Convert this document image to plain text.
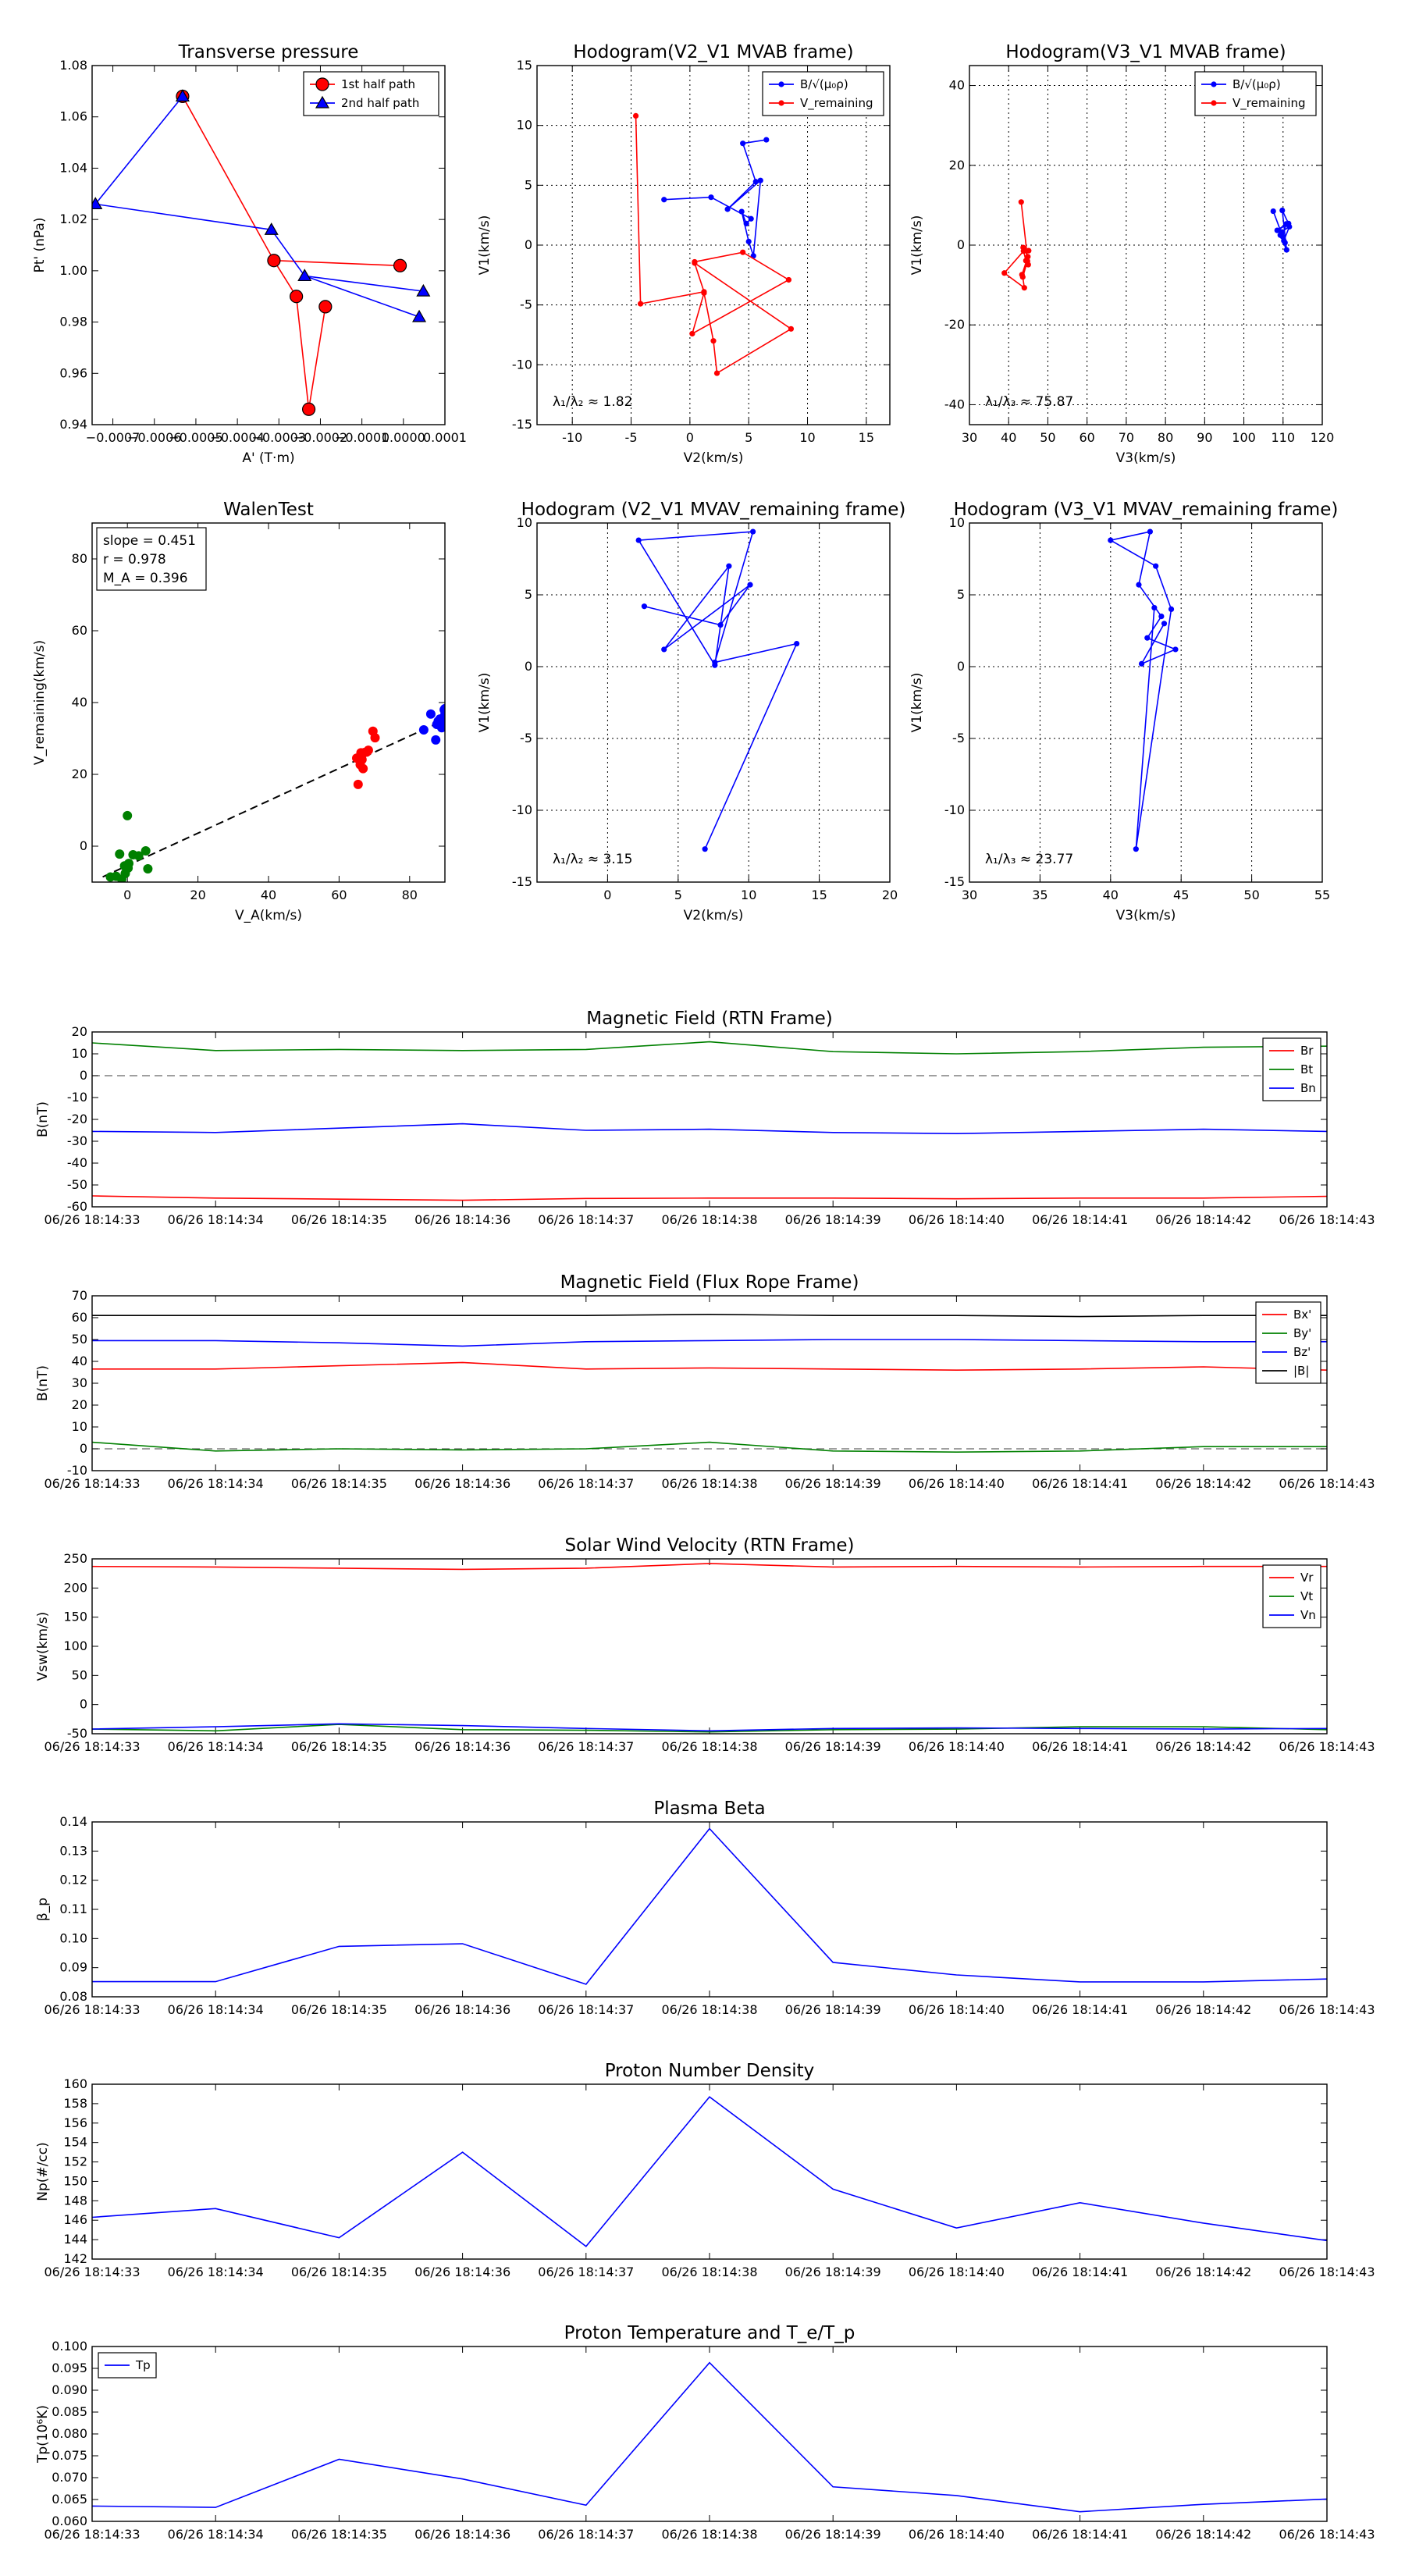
−0.0007
−0.0006
−0.0005
−0.0004
−0.0003
−0.0002
−0.0001
0.0000
0.0001
0.94
0.96
0.98
1.00
1.02
1.04
1.06
1.08
Transverse pressure
A' (T·m)
Pt' (nPa)
1st half path
2nd half path
-10	-5	0	5	10	15
-15
-10
-5
0
5
10
15
Hodogram(V2_V1 MVAB frame)
V2(km/s)
V1(km/s)
λ₁/λ₂ ≈ 1.82
B/√(μ₀ρ)
V_remaining
30 40 50 60 70 80 90 100 110 120
-40
-20
0
20
40
Hodogram(V3_V1 MVAB frame)
V3(km/s)
V1(km/s)
λ₁/λ₃ ≈ 75.87
B/√(μ₀ρ)
V_remaining
0	20	40	60	80
0
20
40
60
80
WalenTest
V_A(km/s)
V_remaining(km/s)
slope = 0.451
r = 0.978
M_A = 0.396
0	5	10	15	20
-15
-10
-5
0
5
10
Hodogram (V2_V1 MVAV_remaining frame)
V2(km/s)
V1(km/s)
λ₁/λ₂ ≈ 3.15
30	35	40	45	50	55
-15
-10
-5
0
5
10
Hodogram (V3_V1 MVAV_remaining frame)
V3(km/s)
V1(km/s)
λ₁/λ₃ ≈ 23.77
06/26 18:14:33 06/26 18:14:34 06/26 18:14:35 06/26 18:14:36 06/26 18:14:37 06/26 18:14:38 06/26 18:14:39 06/26 18:14:40 06/26 18:14:41 06/26 18:14:42 06/26 18:14:43
-60
-50
-40
-30
-20
-10
0
10
20
Magnetic Field (RTN Frame)
B(nT)
Br
Bt
Bn
06/26 18:14:33 06/26 18:14:34 06/26 18:14:35 06/26 18:14:36 06/26 18:14:37 06/26 18:14:38 06/26 18:14:39 06/26 18:14:40 06/26 18:14:41 06/26 18:14:42 06/26 18:14:43
-10
0
10
20
30
40
50
60
70
Magnetic Field (Flux Rope Frame)
B(nT)
Bx'
By'
Bz'
|B|
06/26 18:14:33 06/26 18:14:34 06/26 18:14:35 06/26 18:14:36 06/26 18:14:37 06/26 18:14:38 06/26 18:14:39 06/26 18:14:40 06/26 18:14:41 06/26 18:14:42 06/26 18:14:43
-50
0
50
100
150
200
250
Solar Wind Velocity (RTN Frame)
Vsw(km/s)
Vr
Vt
Vn
06/26 18:14:33 06/26 18:14:34 06/26 18:14:35 06/26 18:14:36 06/26 18:14:37 06/26 18:14:38 06/26 18:14:39 06/26 18:14:40 06/26 18:14:41 06/26 18:14:42 06/26 18:14:43
0.08
0.09
0.10
0.11
0.12
0.13
0.14
Plasma Beta
β_p
06/26 18:14:33 06/26 18:14:34 06/26 18:14:35 06/26 18:14:36 06/26 18:14:37 06/26 18:14:38 06/26 18:14:39 06/26 18:14:40 06/26 18:14:41 06/26 18:14:42 06/26 18:14:43
142
144
146
148
150
152
154
156
158
160
Proton Number Density
Np(#/cc)
06/26 18:14:33 06/26 18:14:34 06/26 18:14:35 06/26 18:14:36 06/26 18:14:37 06/26 18:14:38 06/26 18:14:39 06/26 18:14:40 06/26 18:14:41 06/26 18:14:42 06/26 18:14:43
0.060
0.065
0.070
0.075
0.080
0.085
0.090
0.095
0.100
Proton Temperature and T_e/T_p
Tp(10⁶K)
Tp
